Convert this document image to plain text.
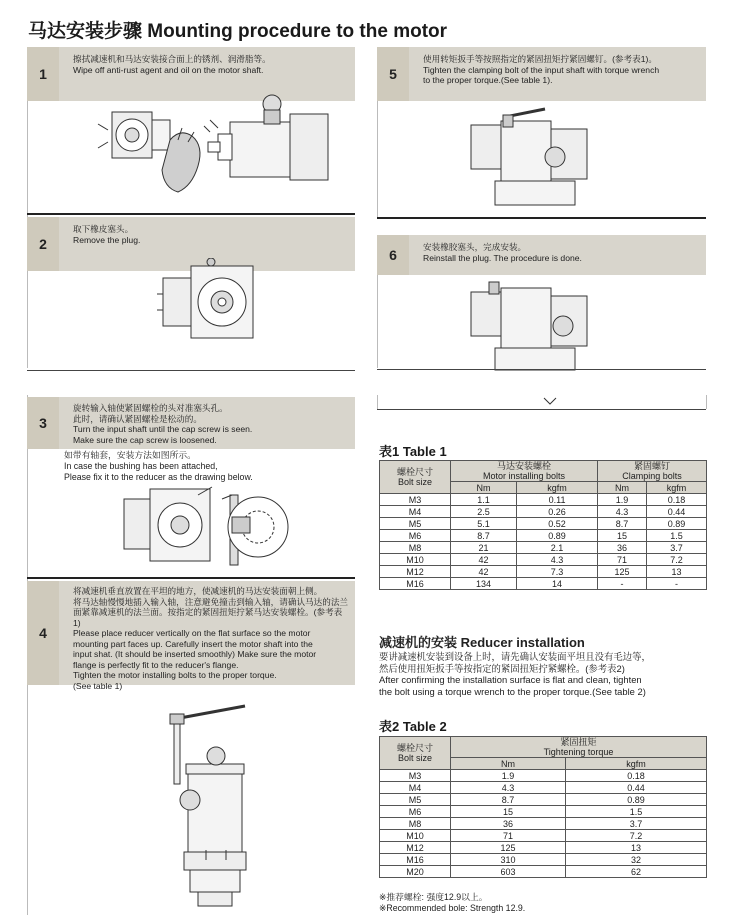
马达安装步骤 Mounting procedure to the motor
1
擦拭减速机和马达安装接合面上的锈剂、润滑脂等。
Wipe off anti-rust agent and oil on the motor shaft.
2
取下橡皮塞头。
Remove the plug.
3
旋转输入轴使紧固螺栓的头对准塞头孔。
此时，请确认紧固螺栓是松动的。
Turn the input shaft until the cap screw is seen.
Make sure the cap screw is loosened.
如带有轴套，安装方法如图所示。
In case the bushing has been attached,
Please fix it to the reducer as the drawing below.
4
将减速机垂直放置在平坦的地方，使减速机的马达安装面朝上侧。
将马达轴慢慢地插入输入轴，注意避免撞击到输入轴，请确认马达的法兰
面紧靠减速机的法兰面。按指定的紧固扭矩拧紧马达安装螺栓。(参考表1)
Please place reducer vertically on the flat surface so the motor
mounting part faces up. Carefully insert the motor shaft into the
input shat. (It should be inserted smoothly) Make sure the motor
flange is perfectly fit to the reducer's flange.
Tighten the motor installing bolts to the proper torque.
(See table 1)
5
使用转矩扳手等按照指定的紧固扭矩拧紧固螺钉。(参考表1)。
Tighten the clamping bolt of the input shaft with torque wrench
to the proper torque.(See table 1).
6	安装橡胶塞头，完成安装。
Reinstall the plug. The procedure is done.
表1 Table 1
螺栓尺寸
Bolt size	马达安装螺栓
Motor installing bolts		紧固螺钉
Clamping bolts	
	Nm	kgfm	Nm	kgfm
M3	1.1	0.11	1.9	0.18
M4	2.5	0.26	4.3	0.44
M5	5.1	0.52	8.7	0.89
M6	8.7	0.89	15	1.5
M8	21	2.1	36	3.7
M10	42	4.3	71	7.2
M12	42	7.3	125	13
M16	134	14	-	-
减速机的安装 Reducer installation
要讲减速机安装到设备上时，请先确认安装面平坦且没有毛边等，
然后使用扭矩扳手等按指定的紧固扭矩拧紧螺栓。(参考表2)
After confirming the installation surface is flat and clean, tighten
the bolt using a torque wrench to the proper torque.(See table 2)
表2 Table 2
螺栓尺寸
Bolt size	紧固扭矩
Tightening torque	
	Nm	kgfm
M3	1.9	0.18
M4	4.3	0.44
M5	8.7	0.89
M6	15	1.5
M8	36	3.7
M10	71	7.2
M12	125	13
M16	310	32
M20	603	62
※推荐螺栓: 强度12.9以上。
※Recommended bole: Strength 12.9.
